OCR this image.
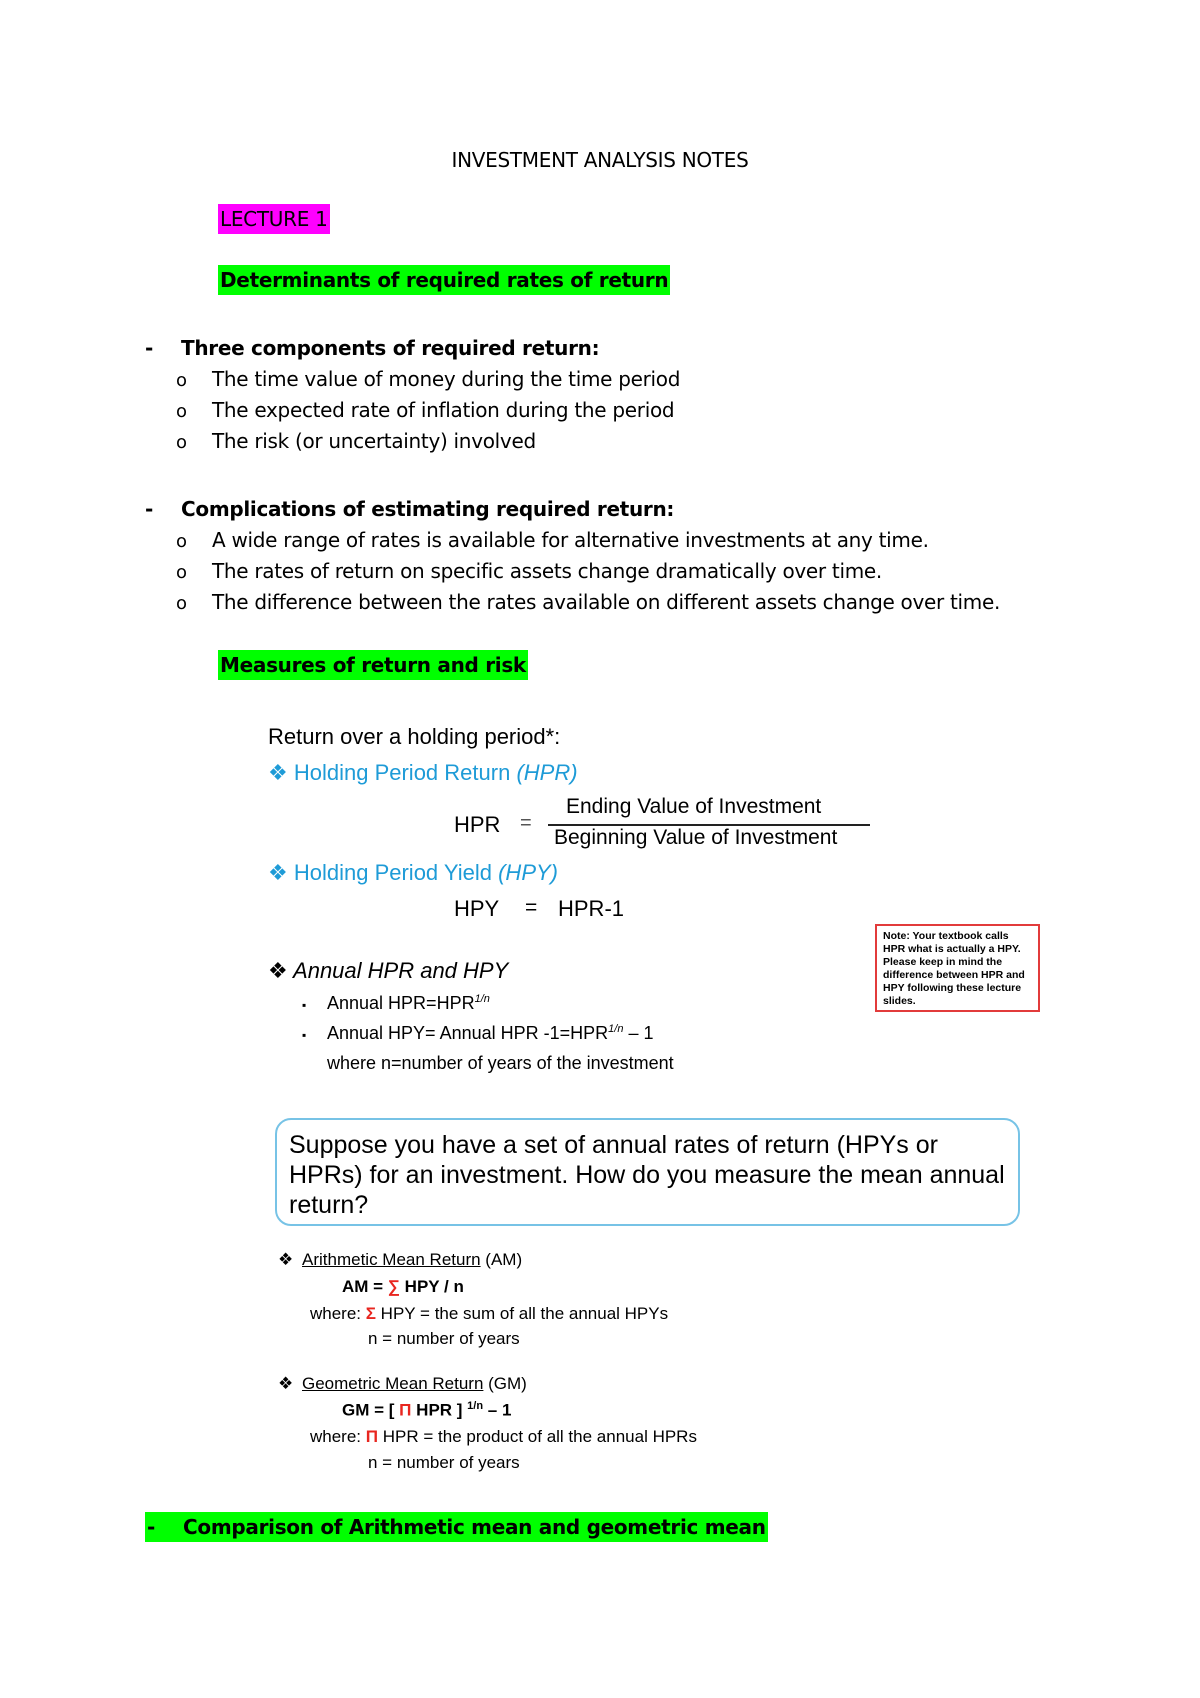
INVESTMENT ANALYSIS NOTES
LECTURE 1
Determinants of required rates of return
- Three components of required return:
o The time value of money during the time period
o The expected rate of inflation during the period
o The risk (or uncertainty) involved
- Complications of estimating required return:
o A wide range of rates is available for alternative investments at any time.
o The rates of return on specific assets change dramatically over time.
o The difference between the rates available on different assets change over time.
Measures of return and risk
Return over a holding period*:
❖ Holding Period Return (HPR)
HPR =
Ending Value of Investment
Beginning Value of Investment
❖ Holding Period Yield (HPY)
HPY = HPR-1
Note: Your textbook calls HPR what is actually a HPY. Please keep in mind the difference between HPR and HPY following these lecture slides.
❖ Annual HPR and HPY
▪ Annual $HPR=HPR^{1/n}$
▪ Annual HPY= Annual HPR $-1=HPR^{1/n} - 1$
where n=number of years of the investment
Suppose you have a set of annual rates of return (HPYs or HPRs) for an investment. How do you measure the mean annual return?
❖ Arithmetic Mean Return (AM)
AM = ∑ HPY / n
where: Σ HPY = the sum of all the annual HPYs
n = number of years
❖ Geometric Mean Return (GM)
GM = [ Π HPR ] $^{1/n}$ – 1
where: Π HPR = the product of all the annual HPRs
n = number of years
- Comparison of Arithmetic mean and geometric mean
